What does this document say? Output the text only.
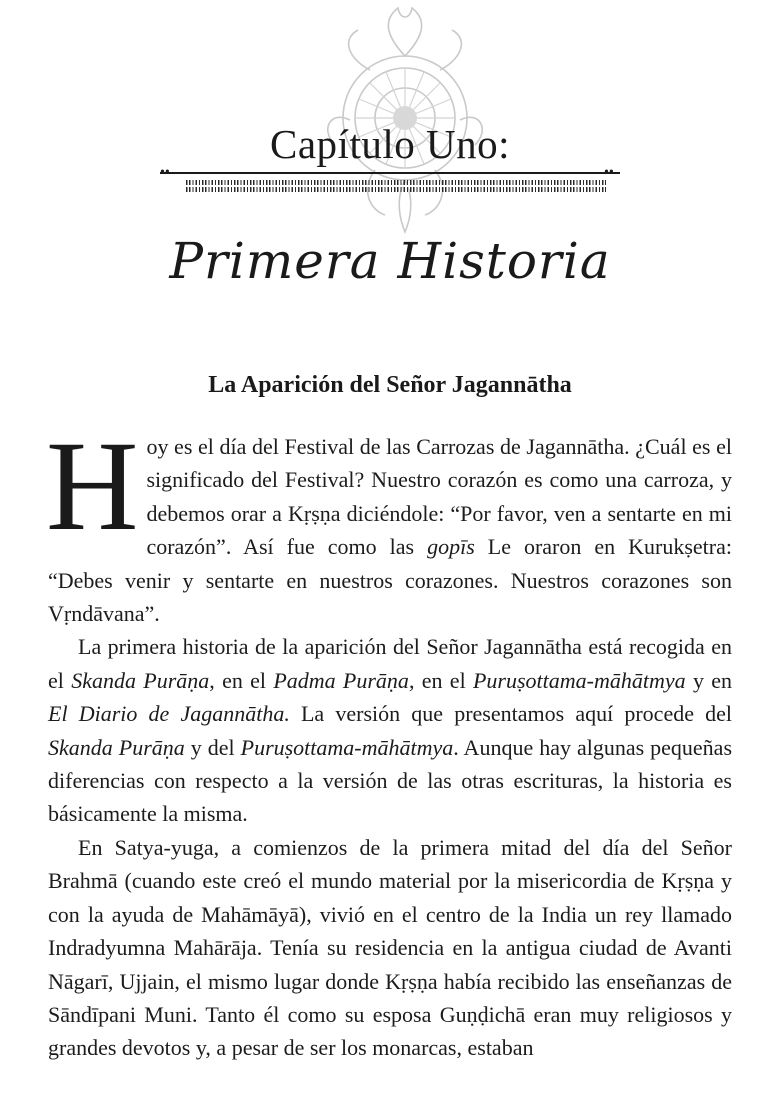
Capítulo Uno:
••	••
Primera Historia
La Aparición del Señor Jagannātha

Hoy es el día del Festival de las Carrozas de Jagannātha. ¿Cuál es el significado del Festival? Nuestro corazón es como una carroza, y debemos orar a Kṛṣṇa diciéndole: “Por favor, ven a sentarte en mi corazón”. Así fue como las gopīs Le oraron en Kurukṣetra: “Debes venir y sentarte en nuestros corazones. Nuestros corazones son Vṛndāvana”.

La primera historia de la aparición del Señor Jagannātha está recogida en el Skanda Purāṇa, en el Padma Purāṇa, en el Puruṣottama-māhātmya y en El Diario de Jagannātha. La versión que presentamos aquí procede del Skanda Purāṇa y del Puruṣottama-māhātmya. Aunque hay algunas pequeñas diferencias con respecto a la versión de las otras escrituras, la historia es básicamente la misma.

En Satya-yuga, a comienzos de la primera mitad del día del Señor Brahmā (cuando este creó el mundo material por la misericordia de Kṛṣṇa y con la ayuda de Mahāmāyā), vivió en el centro de la India un rey llamado Indradyumna Mahārāja. Tenía su residencia en la antigua ciudad de Avanti Nāgarī, Ujjain, el mismo lugar donde Kṛṣṇa había recibido las enseñanzas de Sāndīpani Muni. Tanto él como su esposa Guṇḍichā eran muy religiosos y grandes devotos y, a pesar de ser los monarcas, estaban
